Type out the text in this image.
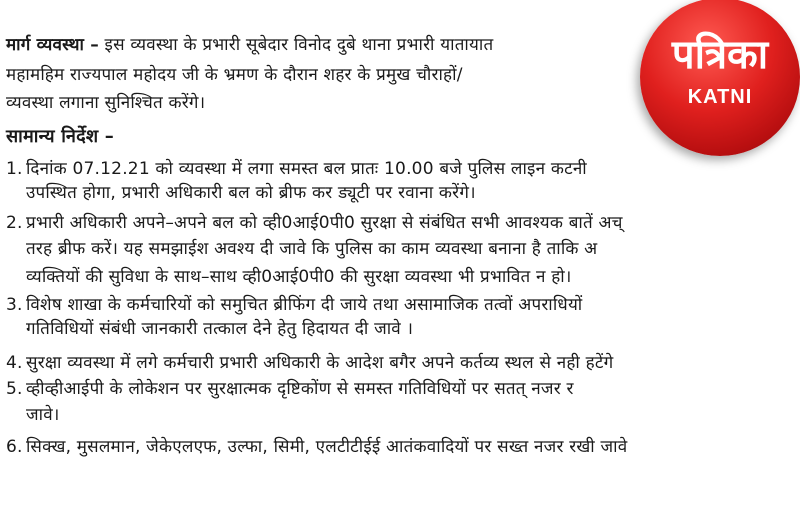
मार्ग व्यवस्था – इस व्यवस्था के प्रभारी सूबेदार विनोद दुबे थाना प्रभारी यातायात
महामहिम राज्यपाल महोदय जी के भ्रमण के दौरान शहर के प्रमुख चौराहों/
व्यवस्था लगाना सुनिश्चित करेंगे।
सामान्य निर्देश –
1. दिनांक 07.12.21 को व्यवस्था में लगा समस्त बल प्रातः 10.00 बजे पुलिस लाइन कटनी
उपस्थित होगा, प्रभारी अधिकारी बल को ब्रीफ कर ड्यूटी पर रवाना करेंगे।
2. प्रभारी अधिकारी अपने–अपने बल को व्ही0आई0पी0 सुरक्षा से संबंधित सभी आवश्यक बातें अच्
तरह ब्रीफ करें। यह समझाईश अवश्य दी जावे कि पुलिस का काम व्यवस्था बनाना है ताकि अ
व्यक्तियों की सुविधा के साथ–साथ व्ही0आई0पी0 की सुरक्षा व्यवस्था भी प्रभावित न हो।
3. विशेष शाखा के कर्मचारियों को समुचित ब्रीफिंग दी जाये तथा असामाजिक तत्वों अपराधियों
गतिविधियों संबंधी जानकारी तत्काल देने हेतु हिदायत दी जावे ।
4. सुरक्षा व्यवस्था में लगे कर्मचारी प्रभारी अधिकारी के आदेश बगैर अपने कर्तव्य स्थल से नही हटेंगे
5. व्हीव्हीआईपी के लोकेशन पर सुरक्षात्मक दृष्टिकोंण से समस्त गतिविधियों पर सतत् नजर र
जावे।
6. सिक्ख, मुसलमान, जेकेएलएफ, उल्फा, सिमी, एलटीटीईई आतंकवादियों पर सख्त नजर रखी जावे
पत्रिका
KATNI
